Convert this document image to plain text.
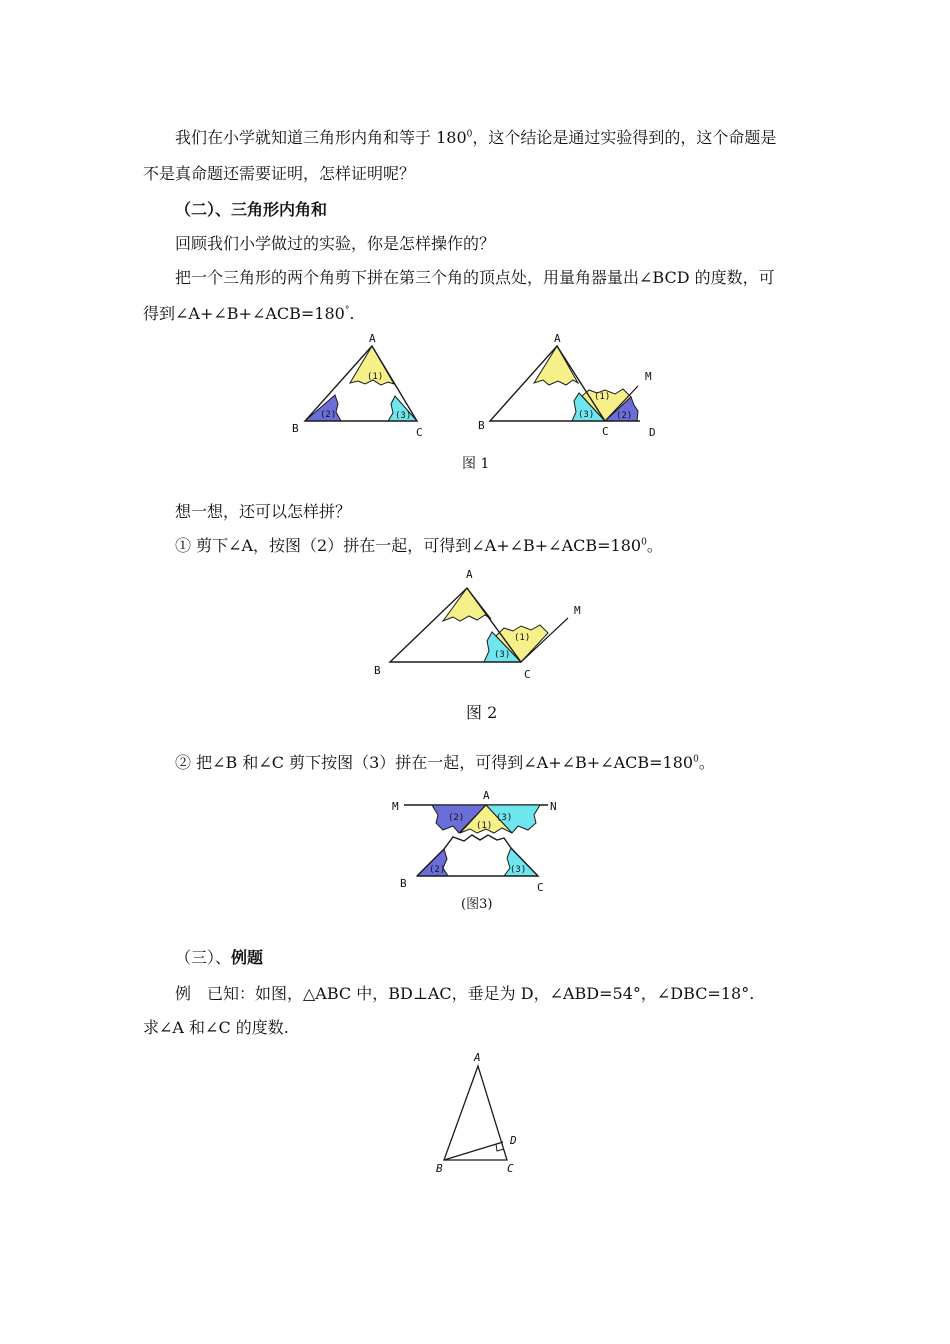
我们在小学就知道三角形内角和等于 $180^0$，这个结论是通过实验得到的，这个命题是
不是真命题还需要证明，怎样证明呢？
（二）、三角形内角和
回顾我们小学做过的实验，你是怎样操作的？
把一个三角形的两个角剪下拼在第三个角的顶点处，用量角器量出∠BCD 的度数，可
得到∠A+∠B+∠ACB=180°.
(1)
(2)	(3)
A
B	C
(1)
(2)
(3)
A
B	C	D
M
图 1
想一想，还可以怎样拼？
① 剪下∠A，按图（2）拼在一起，可得到$\angle A+\angle B+\angle ACB=180^0$。
(1)
(3)
A
B	C
M
图 2
② 把∠B 和∠C 剪下按图（3）拼在一起，可得到$\angle A+\angle B+\angle ACB=180^0$。
(2)
(1)
(3)
(2)	(3)
A
M	N
B	C
(图3)
（三）、例题
例　已知：如图，△ABC 中，BD⊥AC，垂足为 D，∠ABD=54°，∠DBC=18°.
求∠A 和∠C 的度数.
A
D
B	C
